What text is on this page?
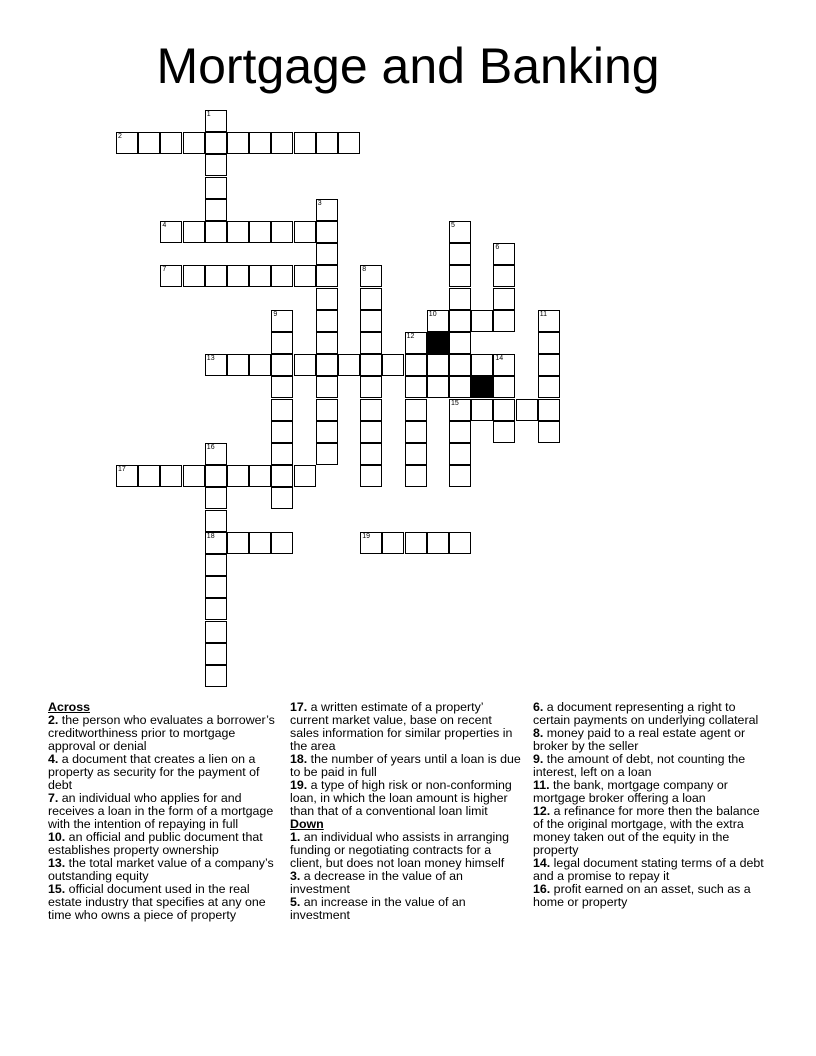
Mortgage and Banking
1
2
3
4	5
6
7	8
9	10	11
12
13	14
15
16
17
18	19
Across
2. the person who evaluates a borrower’s creditworthiness prior to mortgage approval or denial
4. a document that creates a lien on a property as security for the payment of debt
7. an individual who applies for and receives a loan in the form of a mortgage with the intention of repaying in full
10. an official and public document that establishes property ownership
13. the total market value of a company’s outstanding equity
15. official document used in the real estate industry that specifies at any one time who owns a piece of property
17. a written estimate of a property’ current market value, base on recent sales information for similar properties in the area
18. the number of years until a loan is due to be paid in full
19. a type of high risk or non-conforming loan, in which the loan amount is higher than that of a conventional loan limit
Down
1. an individual who assists in arranging funding or negotiating contracts for a client, but does not loan money himself
3. a decrease in the value of an investment
5. an increase in the value of an investment
6. a document representing a right to certain payments on underlying collateral
8. money paid to a real estate agent or broker by the seller
9. the amount of debt, not counting the interest, left on a loan
11. the bank, mortgage company or mortgage broker offering a loan
12. a refinance for more then the balance of the original mortgage, with the extra money taken out of the equity in the property
14. legal document stating terms of a debt and a promise to repay it
16. profit earned on an asset, such as a home or property
